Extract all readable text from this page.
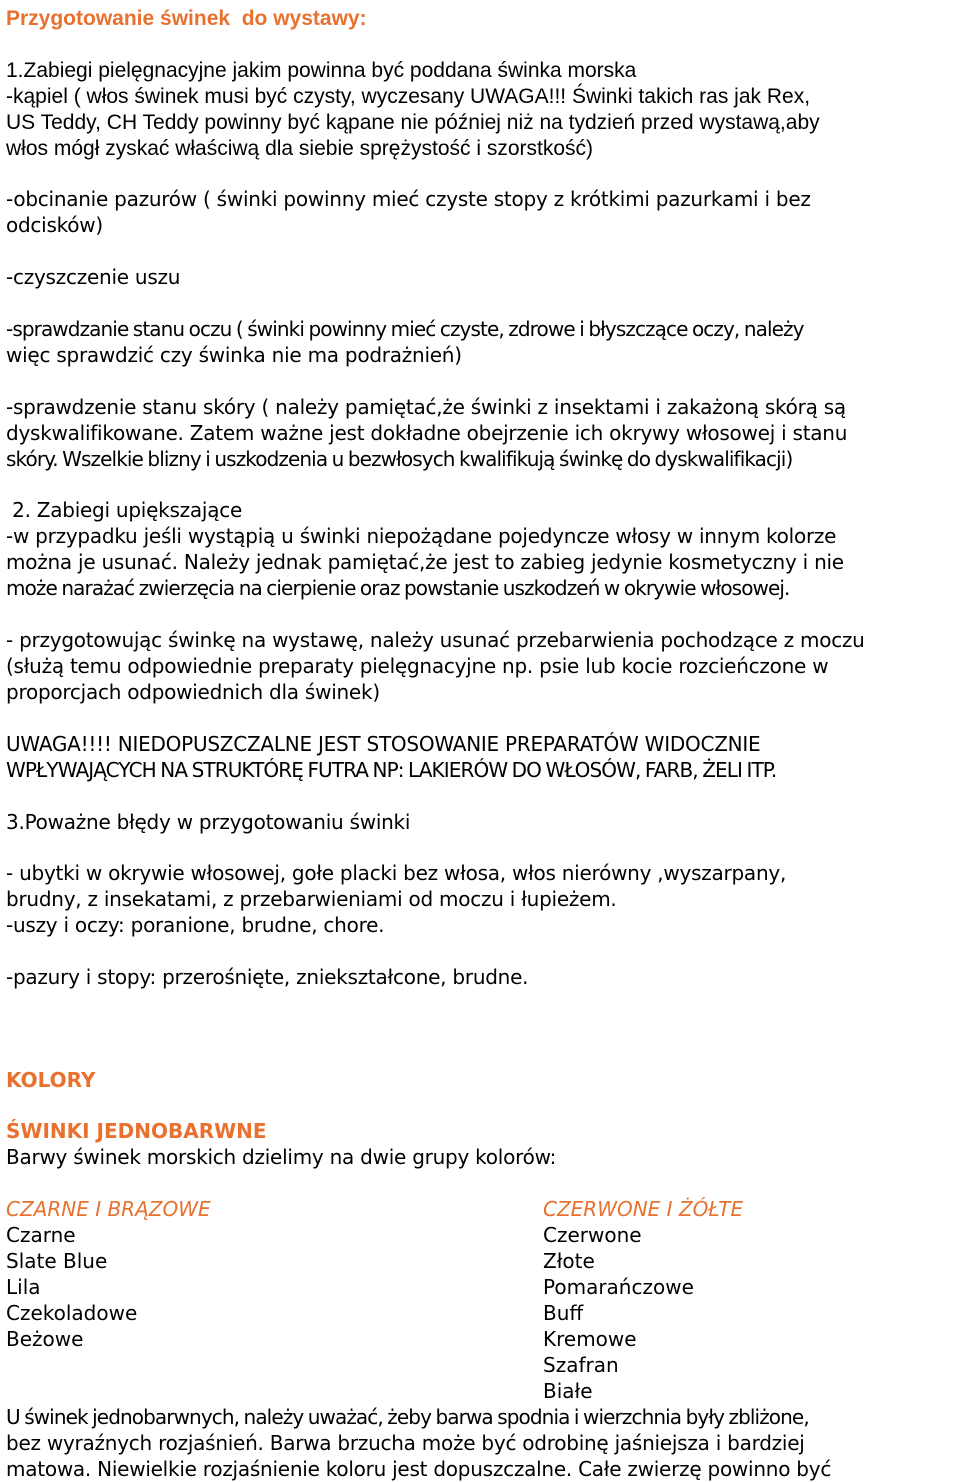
Przygotowanie świnek  do wystawy:
1.Zabiegi pielęgnacyjne jakim powinna być poddana świnka morska
-kąpiel ( włos świnek musi być czysty, wyczesany UWAGA!!! Świnki takich ras jak Rex,
US Teddy, CH Teddy powinny być kąpane nie później niż na tydzień przed wystawą,aby
włos mógł zyskać właściwą dla siebie sprężystość i szorstkość)
-obcinanie pazurów ( świnki powinny mieć czyste stopy z krótkimi pazurkami i bez
odcisków)
-czyszczenie uszu
-sprawdzanie stanu oczu ( świnki powinny mieć czyste, zdrowe i błyszczące oczy, należy
więc sprawdzić czy świnka nie ma podrażnień)
-sprawdzenie stanu skóry ( należy pamiętać,że świnki z insektami i zakażoną skórą są
dyskwalifikowane. Zatem ważne jest dokładne obejrzenie ich okrywy włosowej i stanu
skóry. Wszelkie blizny i uszkodzenia u bezwłosych kwalifikują świnkę do dyskwalifikacji)
2. Zabiegi upiększające
-w przypadku jeśli wystąpią u świnki niepożądane pojedyncze włosy w innym kolorze
można je usunać. Należy jednak pamiętać,że jest to zabieg jedynie kosmetyczny i nie
może narażać zwierzęcia na cierpienie oraz powstanie uszkodzeń w okrywie włosowej.
- przygotowując świnkę na wystawę, należy usunać przebarwienia pochodzące z moczu
(służą temu odpowiednie preparaty pielęgnacyjne np. psie lub kocie rozcieńczone w
proporcjach odpowiednich dla świnek)
UWAGA!!!! NIEDOPUSZCZALNE JEST STOSOWANIE PREPARATÓW WIDOCZNIE
WPŁYWAJĄCYCH NA STRUKTÓRĘ FUTRA NP: LAKIERÓW DO WŁOSÓW, FARB, ŻELI ITP.
3.Poważne błędy w przygotowaniu świnki
- ubytki w okrywie włosowej, gołe placki bez włosa, włos nierówny ,wyszarpany,
brudny, z insekatami, z przebarwieniami od moczu i łupieżem.
-uszy i oczy: poranione, brudne, chore.
-pazury i stopy: przerośnięte, zniekształcone, brudne.
KOLORY
ŚWINKI JEDNOBARWNE
Barwy świnek morskich dzielimy na dwie grupy kolorów:
CZARNE I BRĄZOWE
Czarne
Slate Blue
Lila
Czekoladowe
Beżowe
CZERWONE I ŻÓŁTE
Czerwone
Złote
Pomarańczowe
Buff
Kremowe
Szafran
Białe
U świnek jednobarwnych, należy uważać, żeby barwa spodnia i wierzchnia były zbliżone,
bez wyraźnych rozjaśnień. Barwa brzucha może być odrobinę jaśniejsza i bardziej
matowa. Niewielkie rozjaśnienie koloru jest dopuszczalne. Całe zwierzę powinno być
